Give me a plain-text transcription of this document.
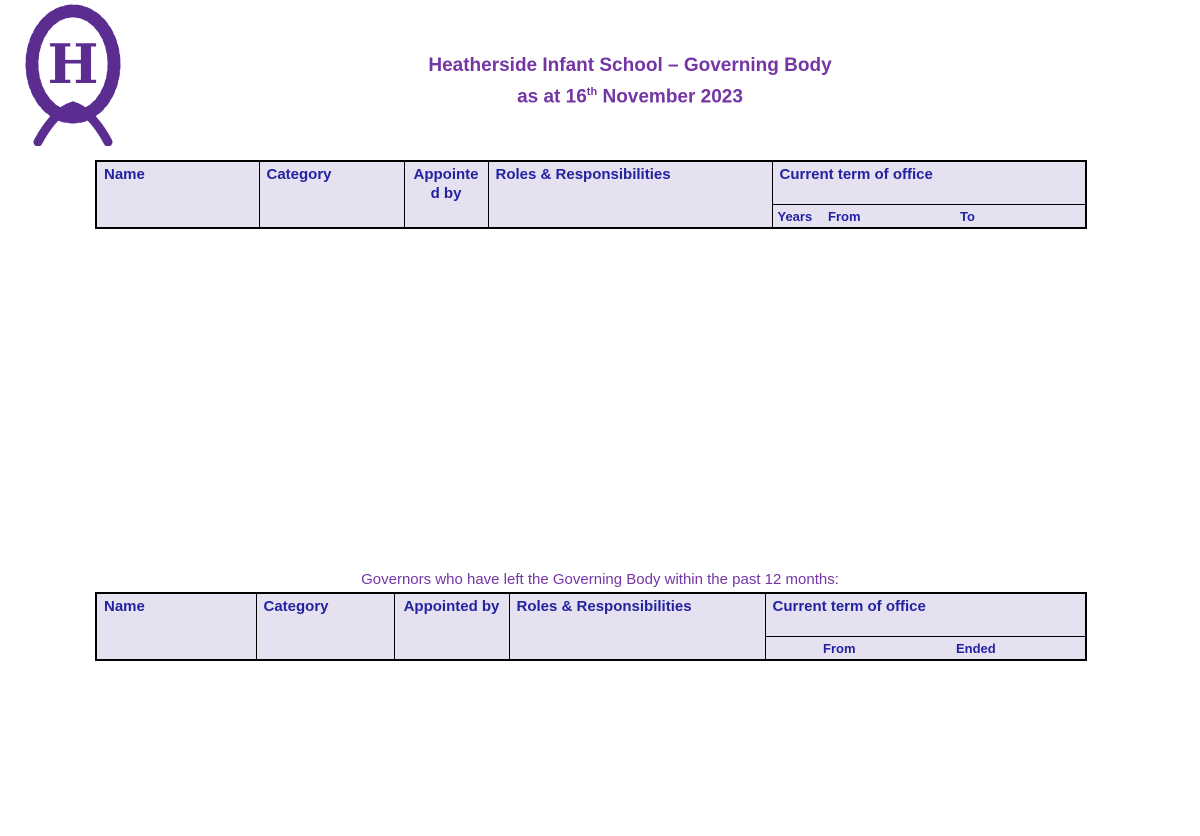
H	Heatherside Infant School – Governing Body
as at 16th November 2023
Name	Category	Appointed by	Roles & Responsibilities	Current term of office		
				Years	From	To
Governors who have left the Governing Body within the past 12 months:
Name	Category	Appointed by	Roles & Responsibilities	Current term of office		
					From	Ended
